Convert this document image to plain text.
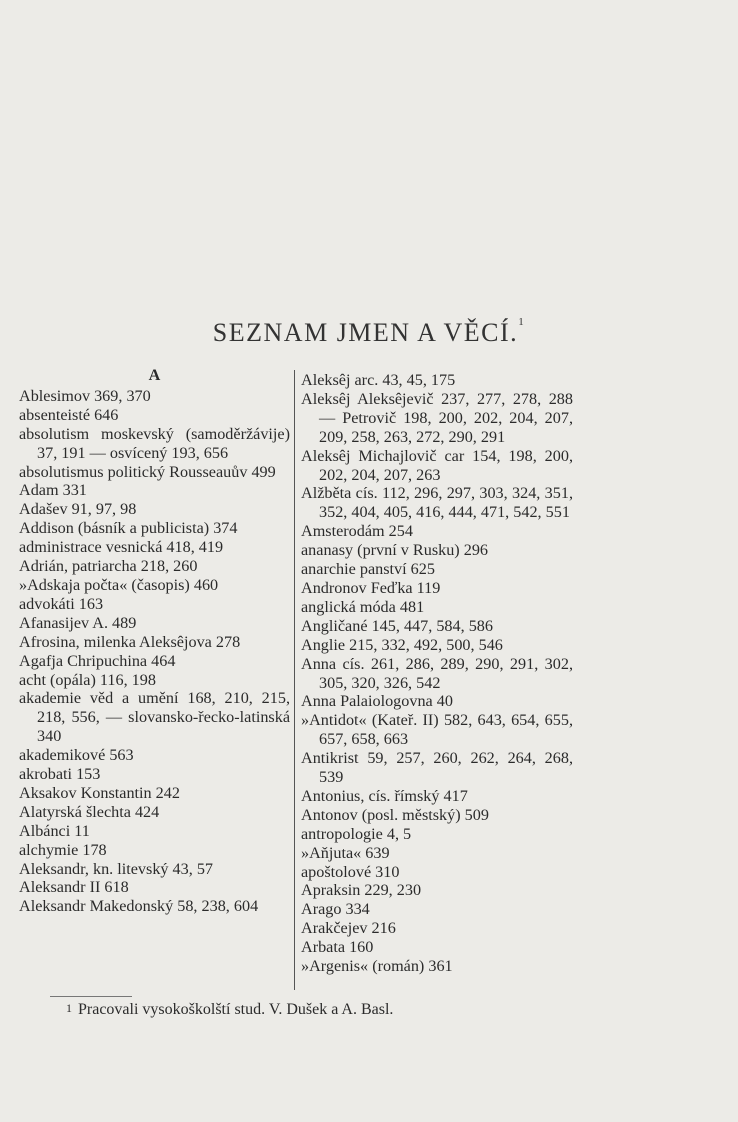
SEZNAM JMEN A VĚCÍ.$^1$
A
Ablesimov 369, 370
absenteisté 646
absolutism moskevský (samoděržávije) 37, 191 — osvícený 193, 656
absolutismus politický Rousseauův 499
Adam 331
Adašev 91, 97, 98
Addison (básník a publicista) 374
administrace vesnická 418, 419
Adrián, patriarcha 218, 260
»Adskaja počta« (časopis) 460
advokáti 163
Afanasijev A. 489
Afrosina, milenka Aleksêjova 278
Agafja Chripuchina 464
acht (opála) 116, 198
akademie věd a umění 168, 210, 215, 218, 556, — slovansko-řecko-latinská 340
akademikové 563
akrobati 153
Aksakov Konstantin 242
Alatyrská šlechta 424
Albánci 11
alchymie 178
Aleksandr, kn. litevský 43, 57
Aleksandr II 618
Aleksandr Makedonský 58, 238, 604
Aleksêj arc. 43, 45, 175
Aleksêj Aleksêjevič 237, 277, 278, 288 — Petrovič 198, 200, 202, 204, 207, 209, 258, 263, 272, 290, 291
Aleksêj Michajlovič car 154, 198, 200, 202, 204, 207, 263
Alžběta cís. 112, 296, 297, 303, 324, 351, 352, 404, 405, 416, 444, 471, 542, 551
Amsterodám 254
ananasy (první v Rusku) 296
anarchie panství 625
Andronov Feďka 119
anglická móda 481
Angličané 145, 447, 584, 586
Anglie 215, 332, 492, 500, 546
Anna cís. 261, 286, 289, 290, 291, 302, 305, 320, 326, 542
Anna Palaiologovna 40
»Antidot« (Kateř. II) 582, 643, 654, 655, 657, 658, 663
Antikrist 59, 257, 260, 262, 264, 268, 539
Antonius, cís. římský 417
Antonov (posl. městský) 509
antropologie 4, 5
»Aňjuta« 639
apoštolové 310
Apraksin 229, 230
Arago 334
Arakčejev 216
Arbata 160
»Argenis« (román) 361
$^1$ Pracovali vysokoškolští stud. V. Dušek a A. Basl.
